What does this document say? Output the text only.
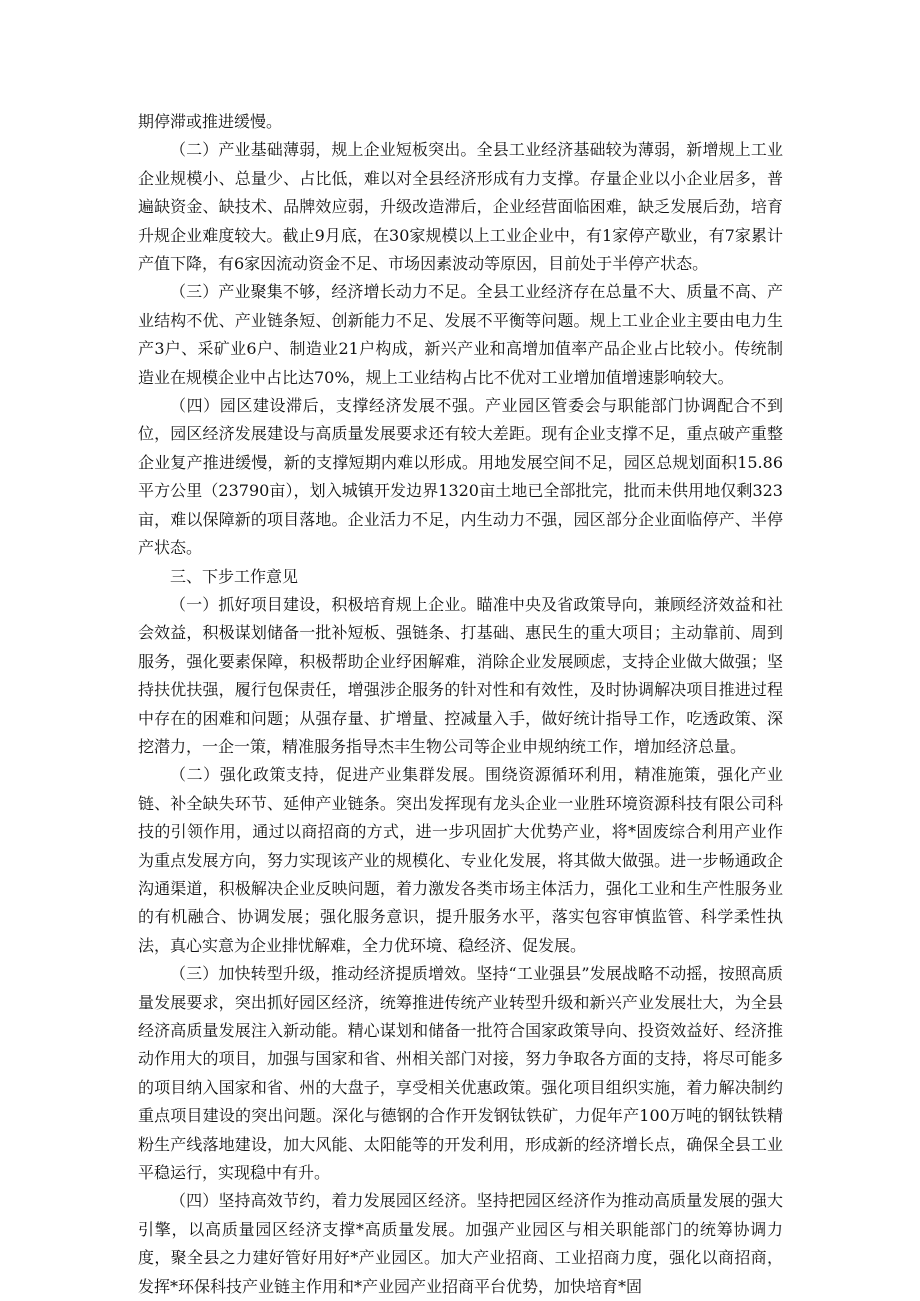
期停滞或推进缓慢。

（二）产业基础薄弱，规上企业短板突出。全县工业经济基础较为薄弱，新增规上工业企业规模小、总量少、占比低，难以对全县经济形成有力支撑。存量企业以小企业居多，普遍缺资金、缺技术、品牌效应弱，升级改造滞后，企业经营面临困难，缺乏发展后劲，培育升规企业难度较大。截止9月底，在30家规模以上工业企业中，有1家停产歇业，有7家累计产值下降，有6家因流动资金不足、市场因素波动等原因，目前处于半停产状态。

（三）产业聚集不够，经济增长动力不足。全县工业经济存在总量不大、质量不高、产业结构不优、产业链条短、创新能力不足、发展不平衡等问题。规上工业企业主要由电力生产3户、采矿业6户、制造业21户构成，新兴产业和高增加值率产品企业占比较小。传统制造业在规模企业中占比达70%，规上工业结构占比不优对工业增加值增速影响较大。

（四）园区建设滞后，支撑经济发展不强。产业园区管委会与职能部门协调配合不到位，园区经济发展建设与高质量发展要求还有较大差距。现有企业支撑不足，重点破产重整企业复产推进缓慢，新的支撑短期内难以形成。用地发展空间不足，园区总规划面积15.86平方公里（23790亩），划入城镇开发边界1320亩土地已全部批完，批而未供用地仅剩323亩，难以保障新的项目落地。企业活力不足，内生动力不强，园区部分企业面临停产、半停产状态。

三、下步工作意见

（一）抓好项目建设，积极培育规上企业。瞄准中央及省政策导向，兼顾经济效益和社会效益，积极谋划储备一批补短板、强链条、打基础、惠民生的重大项目；主动靠前、周到服务，强化要素保障，积极帮助企业纾困解难，消除企业发展顾虑，支持企业做大做强；坚持扶优扶强，履行包保责任，增强涉企服务的针对性和有效性，及时协调解决项目推进过程中存在的困难和问题；从强存量、扩增量、控减量入手，做好统计指导工作，吃透政策、深挖潜力，一企一策，精准服务指导杰丰生物公司等企业申规纳统工作，增加经济总量。

（二）强化政策支持，促进产业集群发展。围绕资源循环利用，精准施策，强化产业链、补全缺失环节、延伸产业链条。突出发挥现有龙头企业一业胜环境资源科技有限公司科技的引领作用，通过以商招商的方式，进一步巩固扩大优势产业，将*固废综合利用产业作为重点发展方向，努力实现该产业的规模化、专业化发展，将其做大做强。进一步畅通政企沟通渠道，积极解决企业反映问题，着力激发各类市场主体活力，强化工业和生产性服务业的有机融合、协调发展；强化服务意识，提升服务水平，落实包容审慎监管、科学柔性执法，真心实意为企业排忧解难，全力优环境、稳经济、促发展。

（三）加快转型升级，推动经济提质增效。坚持“工业强县”发展战略不动摇，按照高质量发展要求，突出抓好园区经济，统筹推进传统产业转型升级和新兴产业发展壮大，为全县经济高质量发展注入新动能。精心谋划和储备一批符合国家政策导向、投资效益好、经济推动作用大的项目，加强与国家和省、州相关部门对接，努力争取各方面的支持，将尽可能多的项目纳入国家和省、州的大盘子，享受相关优惠政策。强化项目组织实施，着力解决制约重点项目建设的突出问题。深化与德钢的合作开发钢钛铁矿，力促年产100万吨的钢钛铁精粉生产线落地建设，加大风能、太阳能等的开发利用，形成新的经济增长点，确保全县工业平稳运行，实现稳中有升。

（四）坚持高效节约，着力发展园区经济。坚持把园区经济作为推动高质量发展的强大引擎，以高质量园区经济支撑*高质量发展。加强产业园区与相关职能部门的统筹协调力度，聚全县之力建好管好用好*产业园区。加大产业招商、工业招商力度，强化以商招商，发挥*环保科技产业链主作用和*产业园产业招商平台优势，加快培育*固
